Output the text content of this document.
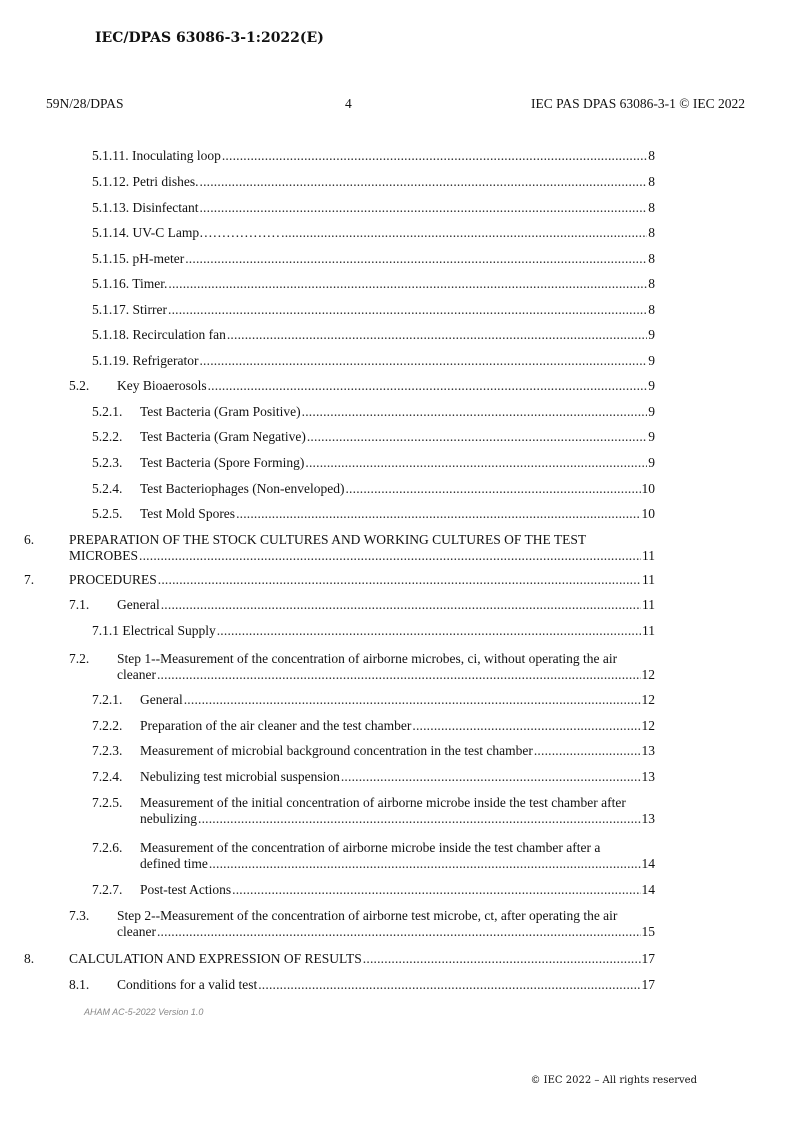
IEC/DPAS 63086-3-1:2022(E)
59N/28/DPAS	4	IEC PAS DPAS 63086-3-1 © IEC 2022
5.1.11. Inoculating loop .....	8
5.1.12. Petri dishes. .....	8
5.1.13. Disinfectant .....	8
5.1.14. UV-C Lamp……………… .....	8
5.1.15. pH-meter .....	8
5.1.16. Timer. .....	8
5.1.17. Stirrer .....	8
5.1.18. Recirculation fan .....	9
5.1.19. Refrigerator .....	9
5.2. Key Bioaerosols .....	9
5.2.1. Test Bacteria (Gram Positive) .....	9
5.2.2. Test Bacteria (Gram Negative) .....	9
5.2.3. Test Bacteria (Spore Forming) .....	9
5.2.4. Test Bacteriophages (Non-enveloped) .....	10
5.2.5. Test Mold Spores .....	10
6.	PREPARATION OF THE STOCK CULTURES AND WORKING CULTURES OF THE TEST
MICROBES .....	11
7.	PROCEDURES .....	11
7.1. General .....	11
7.1.1 Electrical Supply .....	11
7.2. Step 1--Measurement of the concentration of airborne microbes, ci, without operating the air
cleaner .....	12
7.2.1. General .....	12
7.2.2. Preparation of the air cleaner and the test chamber .....	12
7.2.3. Measurement of microbial background concentration in the test chamber .....	13
7.2.4. Nebulizing test microbial suspension .....	13
7.2.5. Measurement of the initial concentration of airborne microbe inside the test chamber after
nebulizing .....	13
7.2.6. Measurement of the concentration of airborne microbe inside the test chamber after a
defined time .....	14
7.2.7. Post-test Actions .....	14
7.3. Step 2--Measurement of the concentration of airborne test microbe, ct, after operating the air
cleaner .....	15
8.	CALCULATION AND EXPRESSION OF RESULTS .....	17
8.1. Conditions for a valid test .....	17
AHAM AC-5-2022 Version 1.0
© IEC 2022 – All rights reserved
